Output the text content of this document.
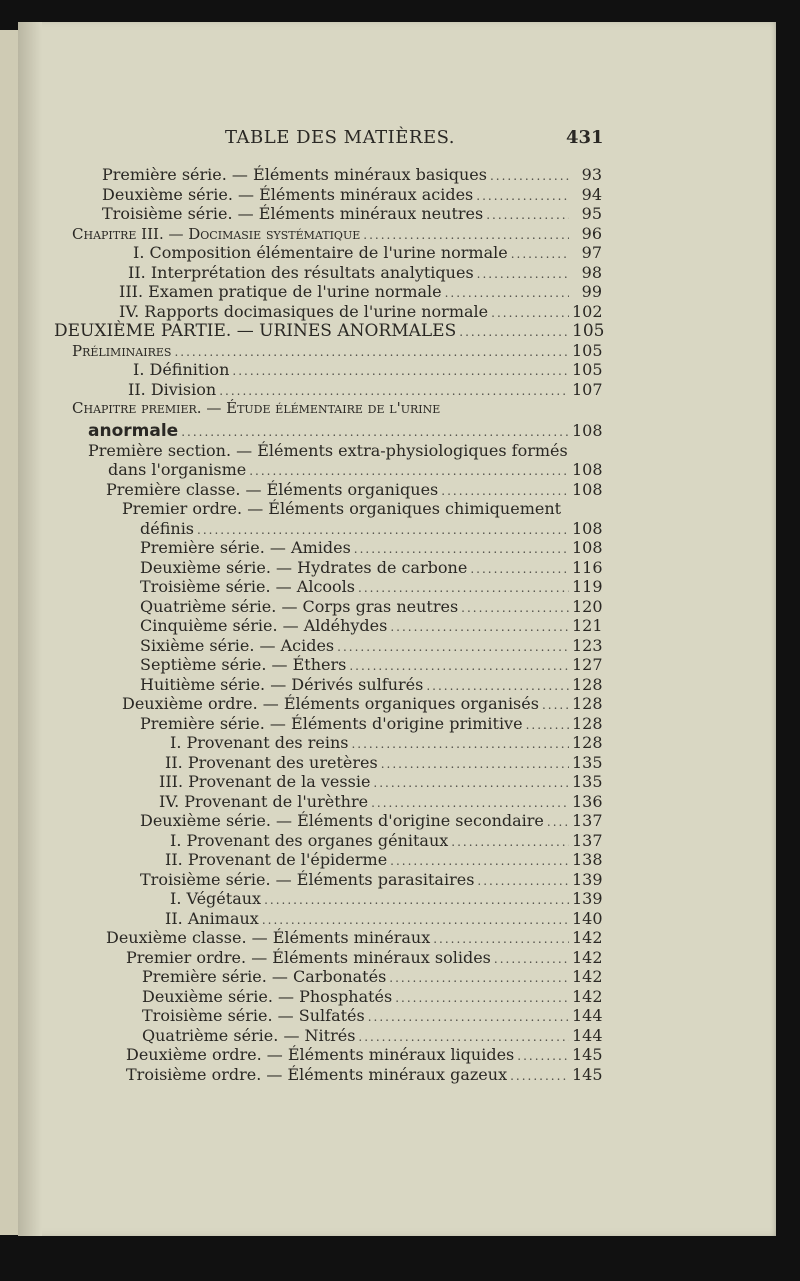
TABLE DES MATIÈRES.	431
Première série. — Éléments minéraux basiques .....	93
Deuxième série. — Éléments minéraux acides .....	94
Troisième série. — Éléments minéraux neutres .....	95
Chapitre III. — Docimasie systématique .....	96
I. Composition élémentaire de l'urine normale .....	97
II. Interprétation des résultats analytiques .....	98
III. Examen pratique de l'urine normale .....	99
IV. Rapports docimasiques de l'urine normale .....	102
DEUXIÈME PARTIE. — URINES ANORMALES .....	105
Préliminaires .....	105
I. Définition .....	105
II. Division .....	107
Chapitre premier. — Étude élémentaire de l'urine
anormale .....	108
Première section. — Éléments extra-physiologiques formés
dans l'organisme .....	108
Première classe. — Éléments organiques .....	108
Premier ordre. — Éléments organiques chimiquement
définis .....	108
Première série. — Amides .....	108
Deuxième série. — Hydrates de carbone .....	116
Troisième série. — Alcools .....	119
Quatrième série. — Corps gras neutres .....	120
Cinquième série. — Aldéhydes .....	121
Sixième série. — Acides .....	123
Septième série. — Éthers .....	127
Huitième série. — Dérivés sulfurés .....	128
Deuxième ordre. — Éléments organiques organisés ..... 128
Première série. — Éléments d'origine primitive .....	128
I. Provenant des reins .....	128
II. Provenant des uretères .....	135
III. Provenant de la vessie .....	135
IV. Provenant de l'urèthre .....	136
Deuxième série. — Éléments d'origine secondaire ..... 137
I. Provenant des organes génitaux .....	137
II. Provenant de l'épiderme .....	138
Troisième série. — Éléments parasitaires .....	139
I. Végétaux .....	139
II. Animaux .....	140
Deuxième classe. — Éléments minéraux .....	142
Premier ordre. — Éléments minéraux solides .....	142
Première série. — Carbonatés .....	142
Deuxième série. — Phosphatés .....	142
Troisième série. — Sulfatés .....	144
Quatrième série. — Nitrés .....	144
Deuxième ordre. — Éléments minéraux liquides .....	145
Troisième ordre. — Éléments minéraux gazeux .....	145
